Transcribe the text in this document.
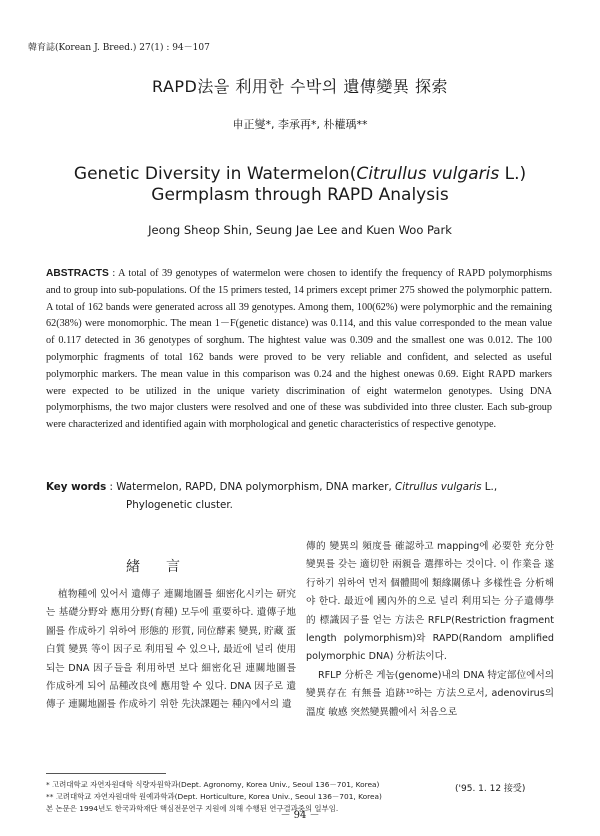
韓育誌(Korean J. Breed.) 27(1) : 94－107
RAPD法을 利用한 수박의 遺傳變異 探索
申正燮*, 李承再*, 朴權瑀**
Genetic Diversity in Watermelon(Citrullus vulgaris L.)
Germplasm through RAPD Analysis
Jeong Sheop Shin, Seung Jae Lee and Kuen Woo Park
ABSTRACTS : A total of 39 genotypes of watermelon were chosen to identify the frequency of RAPD polymorphisms and to group into sub-populations. Of the 15 primers tested, 14 primers except primer 275 showed the polymorphic pattern. A total of 162 bands were generated across all 39 genotypes. Among them, 100(62%) were polymorphic and the remaining 62(38%) were monomorphic. The mean 1－F(genetic distance) was 0.114, and this value corresponded to the mean value of 0.117 detected in 36 genotypes of sorghum. The hightest value was 0.309 and the smallest one was 0.012. The 100 polymorphic fragments of total 162 bands were proved to be very reliable and confident, and selected as useful polymorphic markers. The mean value in this comparison was 0.24 and the highest onewas 0.69. Eight RAPD markers were expected to be utilized in the unique variety discrimination of eight watermelon genotypes. Using DNA polymorphisms, the two major clusters were resolved and one of these was subdivided into three cluster. Each sub-group were characterized and identified again with morphological and genetic characteristics of respective genotype.
Key words : Watermelon, RAPD, DNA polymorphism, DNA marker, Citrullus vulgaris L.,
Phylogenetic cluster.
緖言

植物種에 있어서 遺傳子 連關地圖를 細密化시키는 研究는 基礎分野와 應用分野(育種) 모두에 重要하다. 遺傳子地圖를 作成하기 위하여 形態的 形質, 同位酵素 變異, 貯藏 蛋白質 變異 等이 因子로 利用될 수 있으나, 最近에 널리 使用되는 DNA 因子들을 利用하면 보다 細密化된 連關地圖를 作成하게 되어 品種改良에 應用할 수 있다. DNA 因子로 遺傳子 連關地圖를 作成하기 위한 先決課題는 種內에서의 遺

傳的 變異의 頻度를 確認하고 mapping에 必要한 充分한 變異를 갖는 適切한 兩親을 選擇하는 것이다. 이 作業을 遂行하기 위하여 먼저 個體間에 類緣關係나 多樣性을 分析해야 한다. 最近에 國內外的으로 널리 利用되는 分子遺傳學的 標識因子를 얻는 方法은 RFLP(Restriction fragment length polymorphism)와 RAPD(Random amplified polymorphic DNA) 分析法이다.

RFLP 分析은 게놈(genome)내의 DNA 特定部位에서의 變異存在 有無를 追跡¹⁰하는 方法으로서, adenovirus의 溫度 敏感 突然變異體에서 처음으로

('95. 1. 12 接受)
* 고려대학교 자연자원대학 식량자원학과(Dept. Agronomy, Korea Univ., Seoul 136－701, Korea)
** 고려대학교 자연자원대학 원예과학과(Dept. Horticulture, Korea Univ., Seoul 136－701, Korea)
본 논문은 1994년도 한국과학재단 핵심전문연구 지원에 의해 수행된 연구결과중의 일부임.
－ 94 －
